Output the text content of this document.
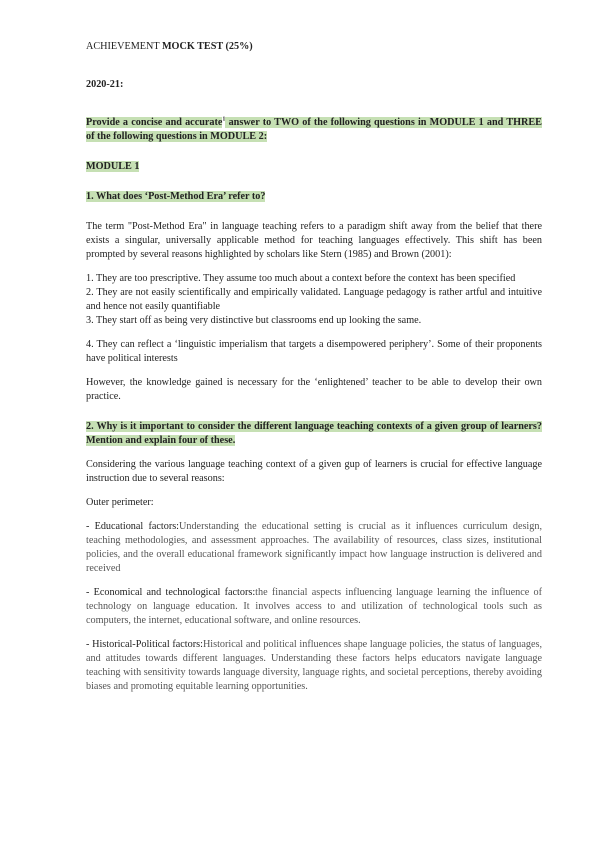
ACHIEVEMENT MOCK TEST (25%)

2020-21:

Provide a concise and accurate$^1$ answer to TWO of the following questions in MODULE 1 and THREE of the following questions in MODULE 2:

MODULE 1

1. What does ‘Post-Method Era’ refer to?

The term "Post-Method Era" in language teaching refers to a paradigm shift away from the belief that there exists a singular, universally applicable method for teaching languages effectively. This shift has been prompted by several reasons highlighted by scholars like Stern (1985) and Brown (2001):

1. They are too prescriptive. They assume too much about a context before the context has been specified

2. They are not easily scientifically and empirically validated. Language pedagogy is rather artful and intuitive and hence not easily quantifiable

3. They start off as being very distinctive but classrooms end up looking the same.

4. They can reflect a ‘linguistic imperialism that targets a disempowered periphery’. Some of their proponents have political interests

However, the knowledge gained is necessary for the ‘enlightened’ teacher to be able to develop their own practice.

2. Why is it important to consider the different language teaching contexts of a given group of learners? Mention and explain four of these.

Considering the various language teaching context of a given gup of learners is crucial for effective language instruction due to several reasons:

Outer perimeter:

- Educational factors:Understanding the educational setting is crucial as it influences curriculum design, teaching methodologies, and assessment approaches. The availability of resources, class sizes, institutional policies, and the overall educational framework significantly impact how language instruction is delivered and received

- Economical and technological factors:the financial aspects influencing language learning the influence of technology on language education. It involves access to and utilization of technological tools such as computers, the internet, educational software, and online resources.

- Historical-Political factors:Historical and political influences shape language policies, the status of languages, and attitudes towards different languages. Understanding these factors helps educators navigate language teaching with sensitivity towards language diversity, language rights, and societal perceptions, thereby avoiding biases and promoting equitable learning opportunities.
